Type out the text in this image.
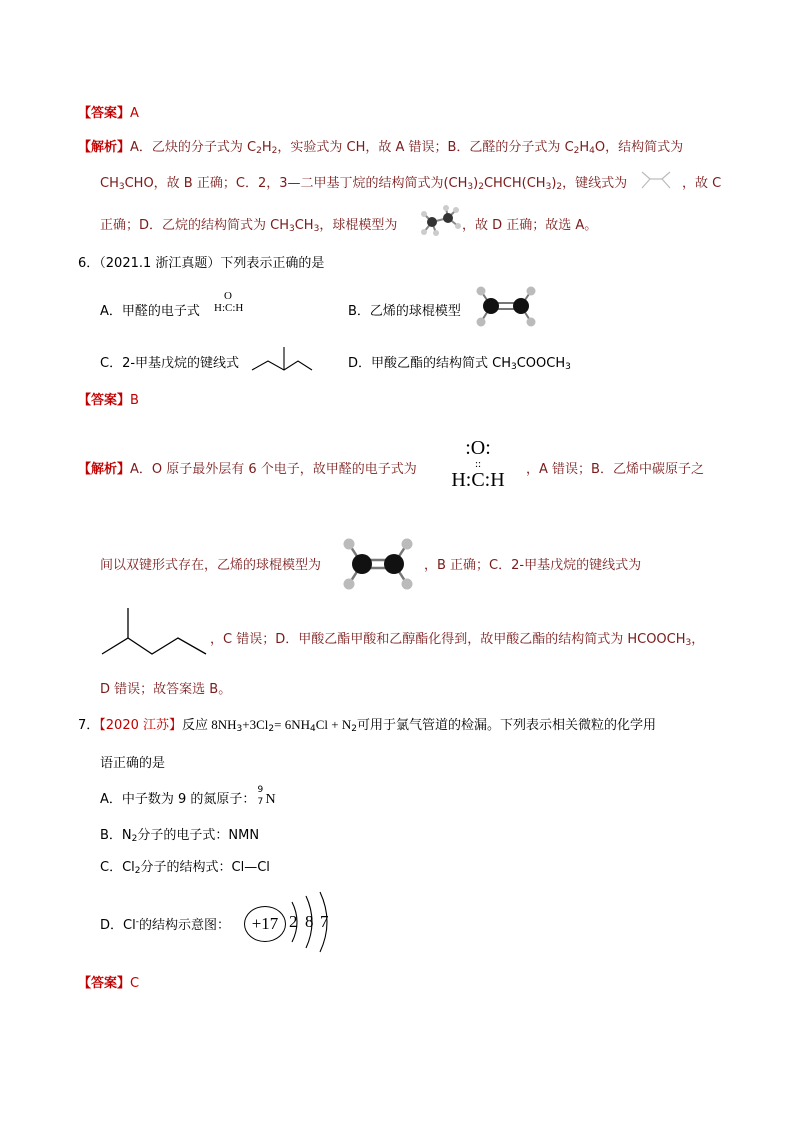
【答案】A
【解析】A．乙炔的分子式为 $C_2H_2$，实验式为 CH，故 A 错误；B．乙醛的分子式为 $C_2H_4O$，结构简式为
$CH_3CHO$，故 B 正确；C．2，3—二甲基丁烷的结构简式为$(CH_3)_2CHCH(CH_3)_2$，键线式为	，故 C
正确；D．乙烷的结构简式为 $CH_3CH_3$，球棍模型为	，故 D 正确；故选 A。
6．（2021.1 浙江真题）下列表示正确的是
A．甲醛的电子式
O
H:C:H	B．乙烯的球棍模型
C．2-甲基戊烷的键线式	D．甲酸乙酯的结构简式 $CH_3COOCH_3$
【答案】B
【解析】A．O 原子最外层有 6 个电子，故甲醛的电子式为
:O:
::
H:C:H	，A 错误；B．乙烯中碳原子之
间以双键形式存在，乙烯的球棍模型为	，B 正确；C．2-甲基戊烷的键线式为
，C 错误；D．甲酸乙酯甲酸和乙醇酯化得到，故甲酸乙酯的结构简式为 $HCOOCH_3$，
D 错误；故答案选 B。
7．【2020 江苏】反应 $8NH_3+3Cl_2= 6NH_4Cl + N_2$可用于氯气管道的检漏。下列表示相关微粒的化学用
语正确的是
A．中子数为 9 的氮原子：
9
7 N
B．$N_2$分子的电子式：NMN
C．$Cl_2$分子的结构式：Cl—Cl
D．Cl-的结构示意图：	+17 2 8 7
【答案】C
